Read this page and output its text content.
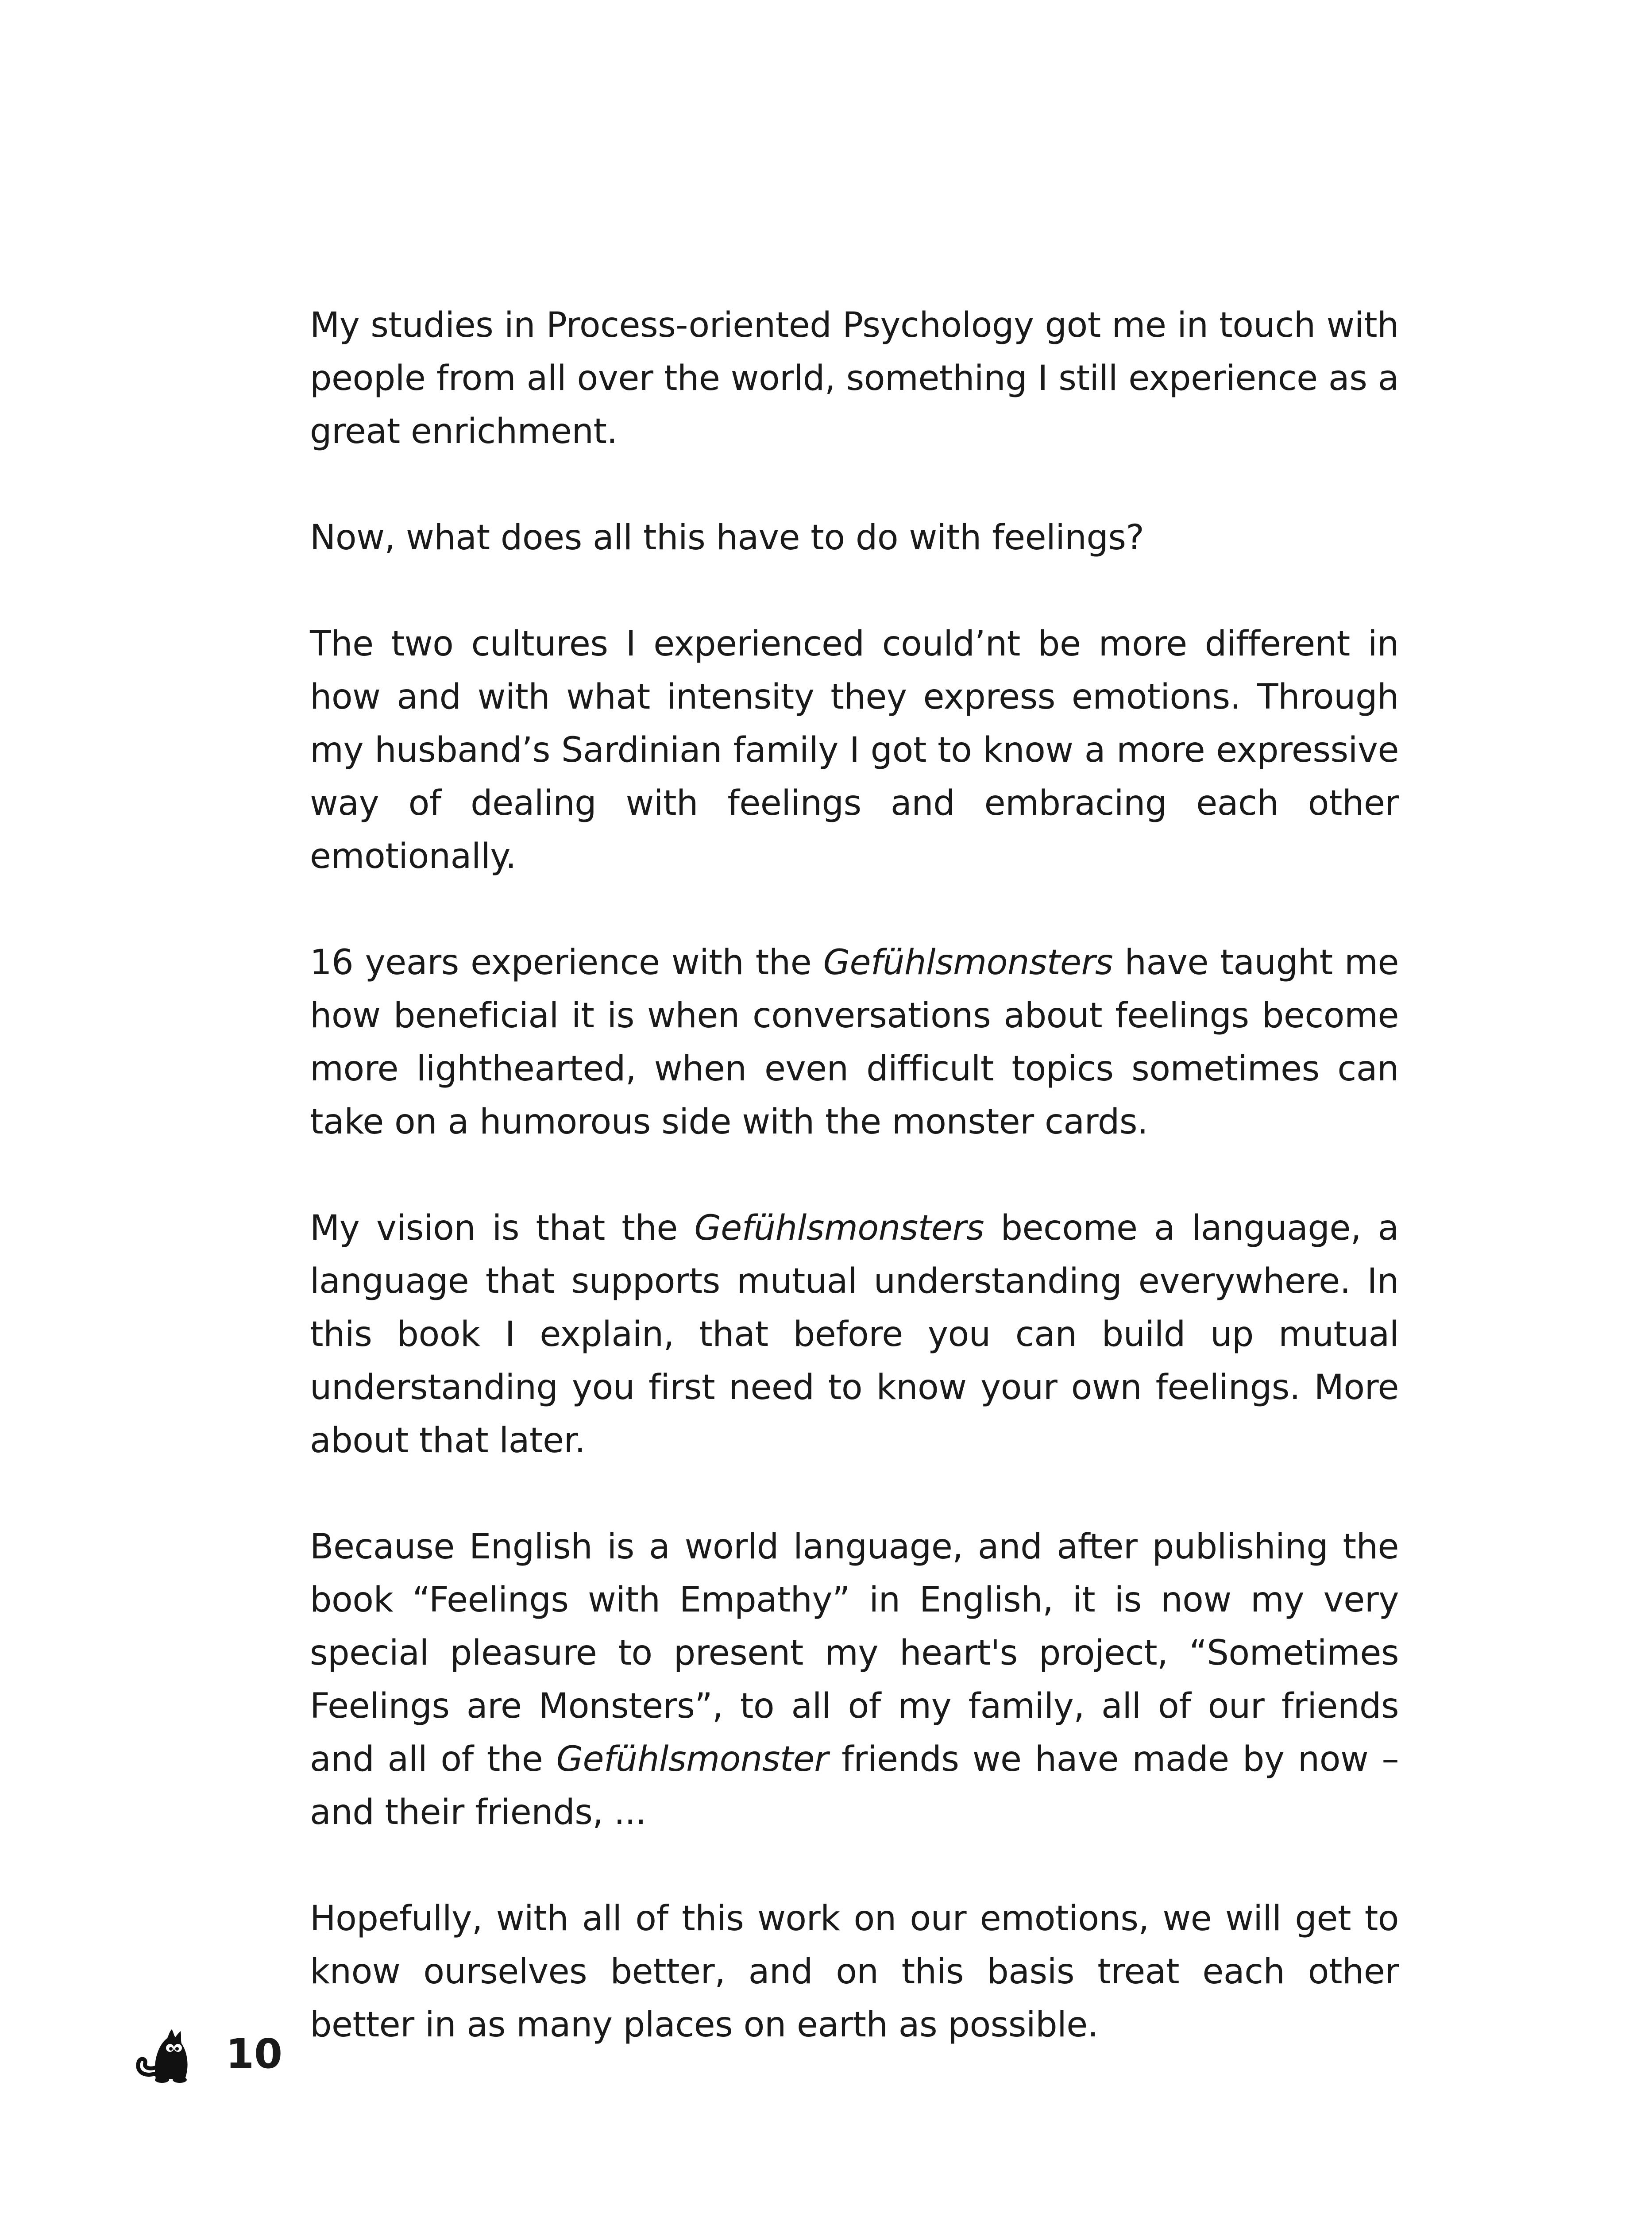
My studies in Process-oriented Psychology got me in touch with people from all over the world, something I still experience as a great enrichment.

Now, what does all this have to do with feelings?

The two cultures I experienced could’nt be more different in how and with what intensity they express emotions. Through my husband’s Sardinian family I got to know a more expressive way of dealing with feelings and embracing each other emotionally.

16 years experience with the Gefühlsmonsters have taught me how beneficial it is when conversations about feelings become more lighthearted, when even difficult topics sometimes can take on a humorous side with the monster cards.

My vision is that the Gefühlsmonsters become a language, a language that supports mutual understanding everywhere. In this book I explain, that before you can build up mutual understanding you first need to know your own feelings. More about that later.

Because English is a world language, and after publishing the book “Feelings with Empathy” in English, it is now my very special pleasure to present my heart's project, “Sometimes Feelings are Monsters”, to all of my family, all of our friends and all of the Gefühlsmonster friends we have made by now – and their friends, ...

Hopefully, with all of this work on our emotions, we will get to know ourselves better, and on this basis treat each other better in as many places on earth as possible.

10
